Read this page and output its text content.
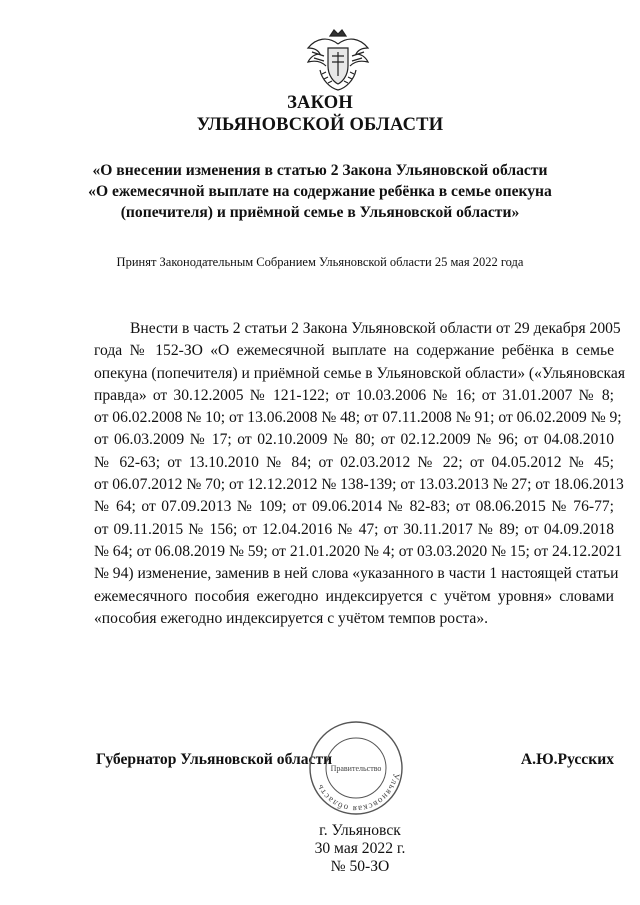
ЗАКОН
УЛЬЯНОВСКОЙ ОБЛАСТИ
«О внесении изменения в статью 2 Закона Ульяновской области
«О ежемесячной выплате на содержание ребёнка в семье опекуна
(попечителя) и приёмной семье в Ульяновской области»
Принят Законодательным Собранием Ульяновской области 25 мая 2022 года
Внести в часть 2 статьи 2 Закона Ульяновской области от 29 декабря 2005
года № 152-ЗО «О ежемесячной выплате на содержание ребёнка в семье
опекуна (попечителя) и приёмной семье в Ульяновской области» («Ульяновская
правда» от 30.12.2005 № 121-122; от 10.03.2006 № 16; от 31.01.2007 № 8;
от 06.02.2008 № 10; от 13.06.2008 № 48; от 07.11.2008 № 91; от 06.02.2009 № 9;
от 06.03.2009 № 17; от 02.10.2009 № 80; от 02.12.2009 № 96; от 04.08.2010
№ 62-63; от 13.10.2010 № 84; от 02.03.2012 № 22; от 04.05.2012 № 45;
от 06.07.2012 № 70; от 12.12.2012 № 138-139; от 13.03.2013 № 27; от 18.06.2013
№ 64; от 07.09.2013 № 109; от 09.06.2014 № 82-83; от 08.06.2015 № 76-77;
от 09.11.2015 № 156; от 12.04.2016 № 47; от 30.11.2017 № 89; от 04.09.2018
№ 64; от 06.08.2019 № 59; от 21.01.2020 № 4; от 03.03.2020 № 15; от 24.12.2021
№ 94) изменение, заменив в ней слова «указанного в части 1 настоящей статьи
ежемесячного пособия ежегодно индексируется с учётом уровня» словами
«пособия ежегодно индексируется с учётом темпов роста».
Губернатор Ульяновской области	А.Ю.Русских
Ульяновская область
Правительство
г. Ульяновск
30 мая 2022 г.
№ 50-ЗО
